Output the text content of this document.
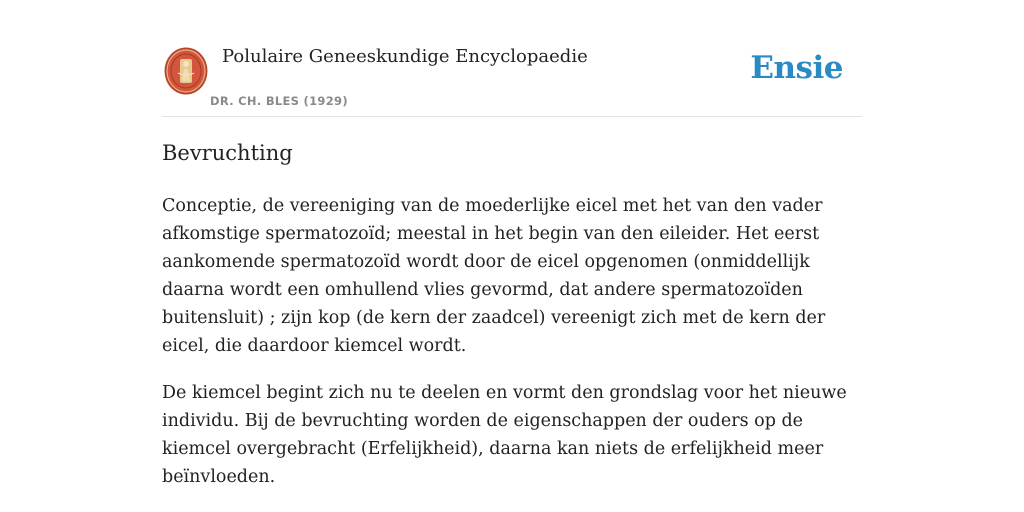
Polulaire Geneeskundige Encyclopaedie
DR. CH. BLES (1929)
Ensie
Bevruchting

Conceptie, de vereeniging van de moederlijke eicel met het van den vader afkomstige spermatozoïd; meestal in het begin van den eileider. Het eerst aankomende spermatozoïd wordt door de eicel opgenomen (onmiddellijk daarna wordt een omhullend vlies gevormd, dat andere spermatozoïden buitensluit) ; zijn kop (de kern der zaadcel) vereenigt zich met de kern der eicel, die daardoor kiemcel wordt.

De kiemcel begint zich nu te deelen en vormt den grondslag voor het nieuwe individu. Bij de bevruchting worden de eigenschappen der ouders op de kiemcel overgebracht (Erfelijkheid), daarna kan niets de erfelijkheid meer beïnvloeden.
